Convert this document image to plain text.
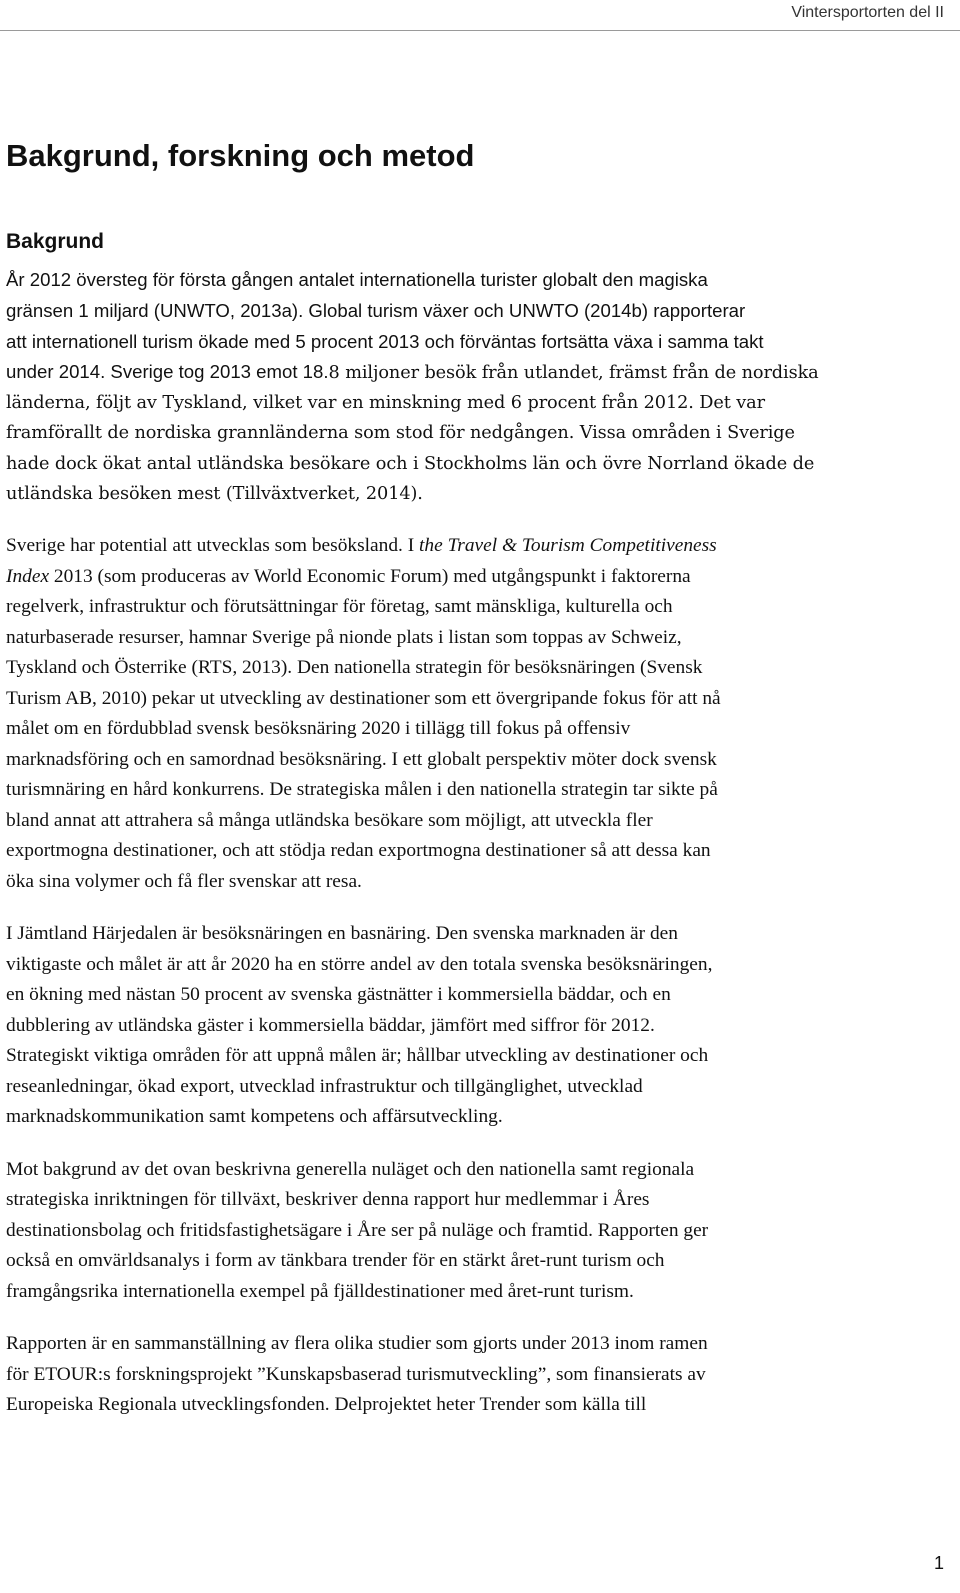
Vintersportorten del II
Bakgrund, forskning och metod
Bakgrund
År 2012 översteg för första gången antalet internationella turister globalt den magiska
gränsen 1 miljard (UNWTO, 2013a). Global turism växer och UNWTO (2014b) rapporterar
att internationell turism ökade med 5 procent 2013 och förväntas fortsätta växa i samma takt
under 2014. Sverige tog 2013 emot 18.8 miljoner besök från utlandet, främst från de nordiska
länderna, följt av Tyskland, vilket var en minskning med 6 procent från 2012. Det var
framförallt de nordiska grannländerna som stod för nedgången. Vissa områden i Sverige
hade dock ökat antal utländska besökare och i Stockholms län och övre Norrland ökade de
utländska besöken mest (Tillväxtverket, 2014).
Sverige har potential att utvecklas som besöksland. I the Travel & Tourism Competitiveness
Index 2013 (som produceras av World Economic Forum) med utgångspunkt i faktorerna
regelverk, infrastruktur och förutsättningar för företag, samt mänskliga, kulturella och
naturbaserade resurser, hamnar Sverige på nionde plats i listan som toppas av Schweiz,
Tyskland och Österrike (RTS, 2013). Den nationella strategin för besöksnäringen (Svensk
Turism AB, 2010) pekar ut utveckling av destinationer som ett övergripande fokus för att nå
målet om en fördubblad svensk besöksnäring 2020 i tillägg till fokus på offensiv
marknadsföring och en samordnad besöksnäring. I ett globalt perspektiv möter dock svensk
turismnäring en hård konkurrens. De strategiska målen i den nationella strategin tar sikte på
bland annat att attrahera så många utländska besökare som möjligt, att utveckla fler
exportmogna destinationer, och att stödja redan exportmogna destinationer så att dessa kan
öka sina volymer och få fler svenskar att resa.
I Jämtland Härjedalen är besöksnäringen en basnäring. Den svenska marknaden är den
viktigaste och målet är att år 2020 ha en större andel av den totala svenska besöksnäringen,
en ökning med nästan 50 procent av svenska gästnätter i kommersiella bäddar, och en
dubblering av utländska gäster i kommersiella bäddar, jämfört med siffror för 2012.
Strategiskt viktiga områden för att uppnå målen är; hållbar utveckling av destinationer och
reseanledningar, ökad export, utvecklad infrastruktur och tillgänglighet, utvecklad
marknadskommunikation samt kompetens och affärsutveckling.
Mot bakgrund av det ovan beskrivna generella nuläget och den nationella samt regionala
strategiska inriktningen för tillväxt, beskriver denna rapport hur medlemmar i Åres
destinationsbolag och fritidsfastighetsägare i Åre ser på nuläge och framtid. Rapporten ger
också en omvärldsanalys i form av tänkbara trender för en stärkt året-runt turism och
framgångsrika internationella exempel på fjälldestinationer med året-runt turism.
Rapporten är en sammanställning av flera olika studier som gjorts under 2013 inom ramen
för ETOUR:s forskningsprojekt ”Kunskapsbaserad turismutveckling”, som finansierats av
Europeiska Regionala utvecklingsfonden. Delprojektet heter Trender som källa till
1
